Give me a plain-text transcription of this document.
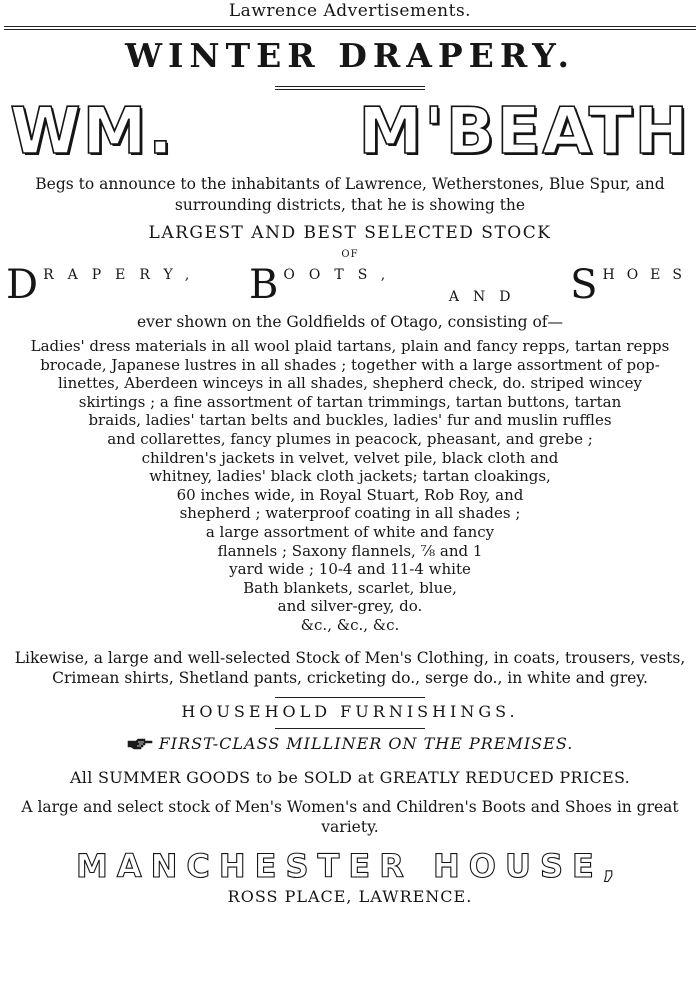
Lawrence Advertisements.
WINTER DRAPERY.
WM.	M'BEATH
Begs to announce to the inhabitants of Lawrence, Wetherstones, Blue Spur, and surrounding districts, that he is showing the
LARGEST AND BEST SELECTED STOCK
OF
D RAPERY, B OOTS,
AND S HOES
ever shown on the Goldfields of Otago, consisting of—
Ladies' dress materials in all wool plaid tartans, plain and fancy repps, tartan repps
brocade, Japanese lustres in all shades ; together with a large assortment of pop-
linettes, Aberdeen winceys in all shades, shepherd check, do. striped wincey
skirtings ; a fine assortment of tartan trimmings, tartan buttons, tartan
braids, ladies' tartan belts and buckles, ladies' fur and muslin ruffles
and collarettes, fancy plumes in peacock, pheasant, and grebe ;
children's jackets in velvet, velvet pile, black cloth and
whitney, ladies' black cloth jackets; tartan cloakings,
60 inches wide, in Royal Stuart, Rob Roy, and
shepherd ; waterproof coating in all shades ;
a large assortment of white and fancy
flannels ; Saxony flannels, ⅞ and 1
yard wide ; 10-4 and 11-4 white
Bath blankets, scarlet, blue,
and silver-grey, do.
&c., &c., &c.
Likewise, a large and well-selected Stock of Men's Clothing, in coats, trousers, vests, Crimean shirts, Shetland pants, cricketing do., serge do., in white and grey.
HOUSEHOLD FURNISHINGS.
FIRST-CLASS MILLINER ON THE PREMISES.
All SUMMER GOODS to be SOLD at GREATLY REDUCED PRICES.
A large and select stock of Men's Women's and Children's Boots and Shoes in great variety.
MANCHESTER HOUSE,
ROSS PLACE, LAWRENCE.
